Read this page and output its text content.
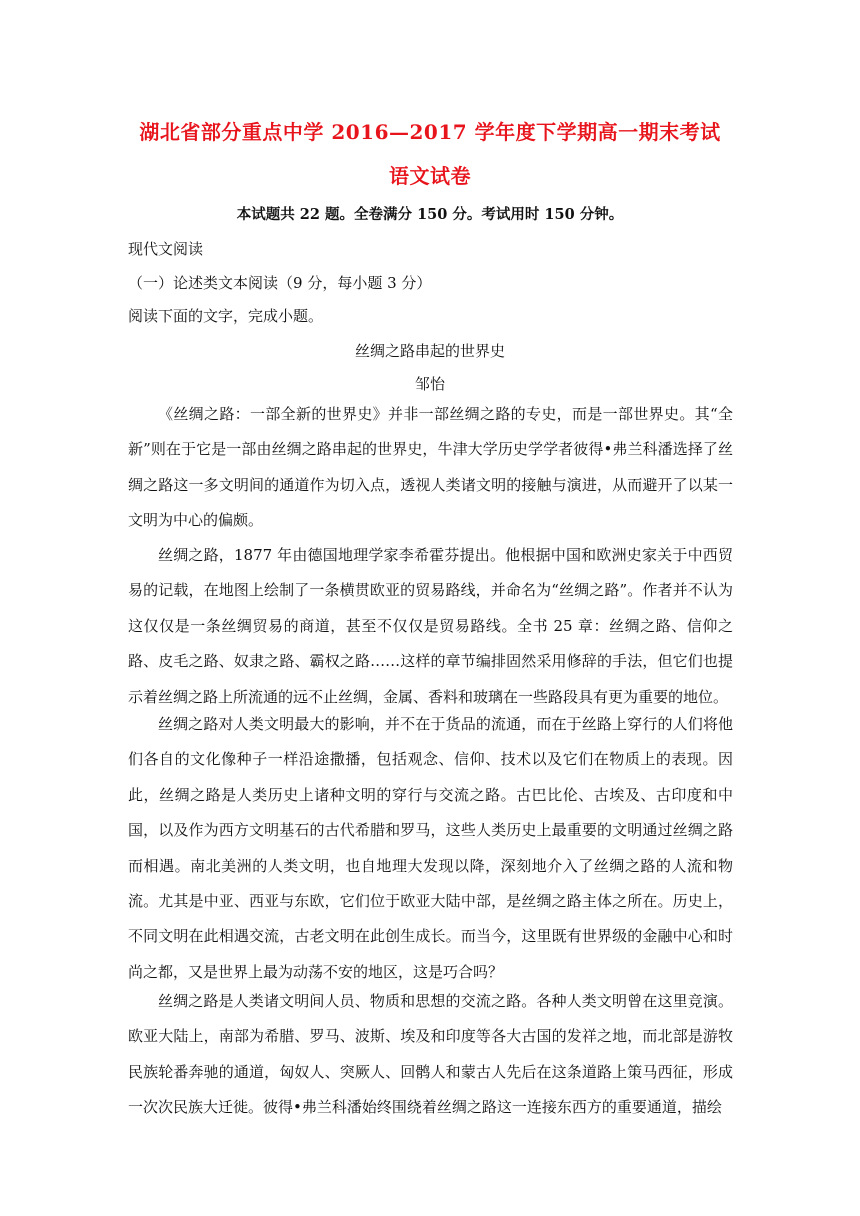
湖北省部分重点中学 2016—2017 学年度下学期高一期末考试
语文试卷
本试题共 22 题。全卷满分 150 分。考试用时 150 分钟。
现代文阅读
（一）论述类文本阅读（9 分，每小题 3 分）
阅读下面的文字，完成小题。
丝绸之路串起的世界史
邹怡

《丝绸之路：一部全新的世界史》并非一部丝绸之路的专史，而是一部世界史。其“全新”则在于它是一部由丝绸之路串起的世界史，牛津大学历史学学者彼得•弗兰科潘选择了丝绸之路这一多文明间的通道作为切入点，透视人类诸文明的接触与演进，从而避开了以某一文明为中心的偏颇。

丝绸之路，1877 年由德国地理学家李希霍芬提出。他根据中国和欧洲史家关于中西贸易的记载，在地图上绘制了一条横贯欧亚的贸易路线，并命名为“丝绸之路”。作者并不认为这仅仅是一条丝绸贸易的商道，甚至不仅仅是贸易路线。全书 25 章：丝绸之路、信仰之路、皮毛之路、奴隶之路、霸权之路……这样的章节编排固然采用修辞的手法，但它们也提示着丝绸之路上所流通的远不止丝绸，金属、香料和玻璃在一些路段具有更为重要的地位。

丝绸之路对人类文明最大的影响，并不在于货品的流通，而在于丝路上穿行的人们将他们各自的文化像种子一样沿途撒播，包括观念、信仰、技术以及它们在物质上的表现。因此，丝绸之路是人类历史上诸种文明的穿行与交流之路。古巴比伦、古埃及、古印度和中国，以及作为西方文明基石的古代希腊和罗马，这些人类历史上最重要的文明通过丝绸之路而相遇。南北美洲的人类文明，也自地理大发现以降，深刻地介入了丝绸之路的人流和物流。尤其是中亚、西亚与东欧，它们位于欧亚大陆中部，是丝绸之路主体之所在。历史上，不同文明在此相遇交流，古老文明在此创生成长。而当今，这里既有世界级的金融中心和时尚之都，又是世界上最为动荡不安的地区，这是巧合吗？

丝绸之路是人类诸文明间人员、物质和思想的交流之路。各种人类文明曾在这里竞演。欧亚大陆上，南部为希腊、罗马、波斯、埃及和印度等各大古国的发祥之地，而北部是游牧民族轮番奔驰的通道，匈奴人、突厥人、回鹘人和蒙古人先后在这条道路上策马西征，形成一次次民族大迁徙。彼得•弗兰科潘始终围绕着丝绸之路这一连接东西方的重要通道，描绘
